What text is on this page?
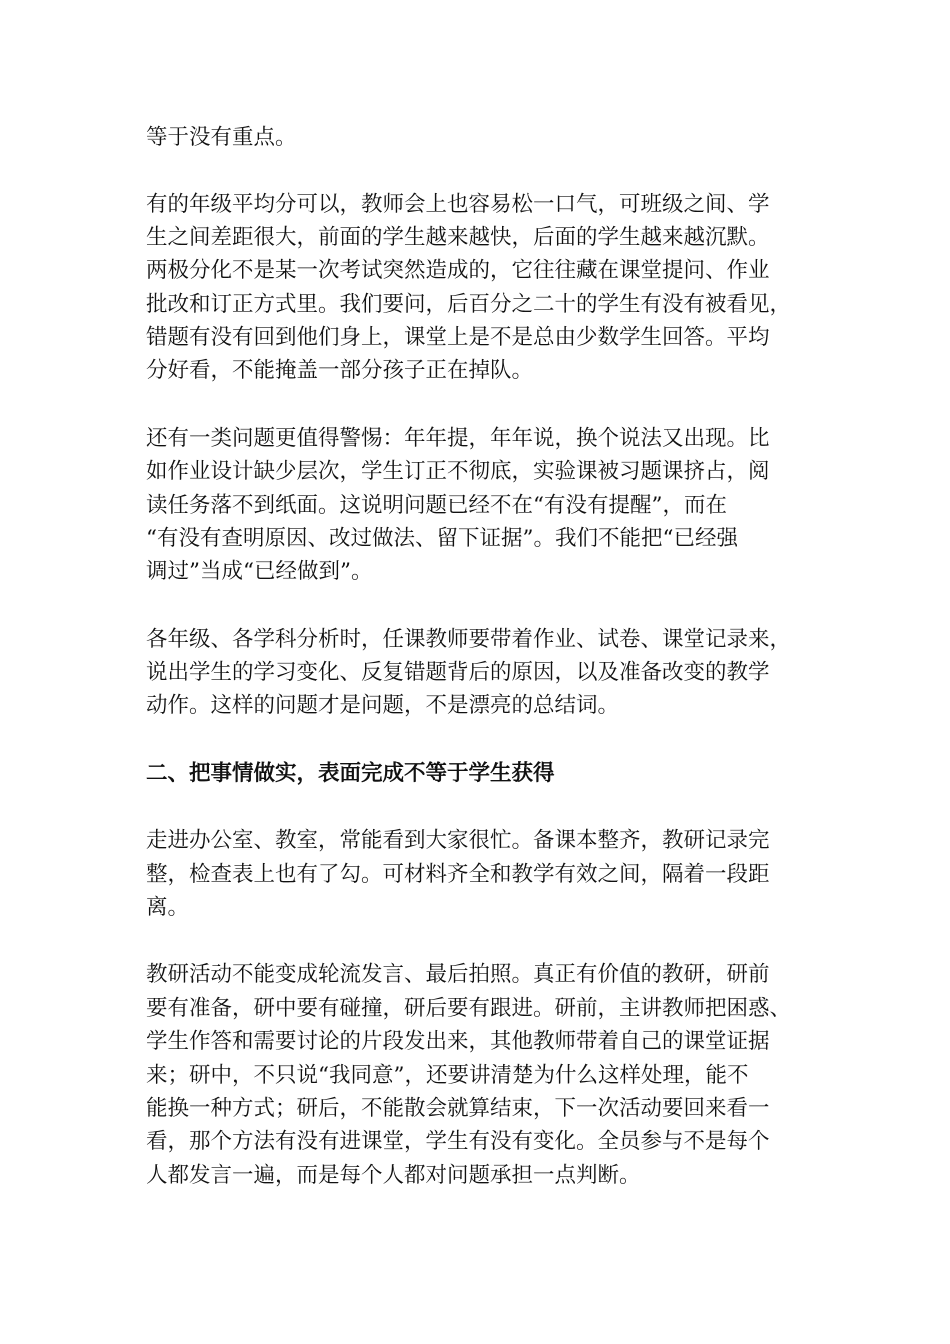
等于没有重点。

有的年级平均分可以，教师会上也容易松一口气，可班级之间、学

生之间差距很大，前面的学生越来越快，后面的学生越来越沉默。

两极分化不是某一次考试突然造成的，它往往藏在课堂提问、作业

批改和订正方式里。我们要问，后百分之二十的学生有没有被看见，

错题有没有回到他们身上，课堂上是不是总由少数学生回答。平均

分好看，不能掩盖一部分孩子正在掉队。

还有一类问题更值得警惕：年年提，年年说，换个说法又出现。比

如作业设计缺少层次，学生订正不彻底，实验课被习题课挤占，阅

读任务落不到纸面。这说明问题已经不在“有没有提醒”，而在

“有没有查明原因、改过做法、留下证据”。我们不能把“已经强

调过”当成“已经做到”。

各年级、各学科分析时，任课教师要带着作业、试卷、课堂记录来，

说出学生的学习变化、反复错题背后的原因，以及准备改变的教学

动作。这样的问题才是问题，不是漂亮的总结词。

二、把事情做实，表面完成不等于学生获得

走进办公室、教室，常能看到大家很忙。备课本整齐，教研记录完

整，检查表上也有了勾。可材料齐全和教学有效之间，隔着一段距

离。

教研活动不能变成轮流发言、最后拍照。真正有价值的教研，研前

要有准备，研中要有碰撞，研后要有跟进。研前，主讲教师把困惑、

学生作答和需要讨论的片段发出来，其他教师带着自己的课堂证据

来；研中，不只说“我同意”，还要讲清楚为什么这样处理，能不

能换一种方式；研后，不能散会就算结束，下一次活动要回来看一

看，那个方法有没有进课堂，学生有没有变化。全员参与不是每个

人都发言一遍，而是每个人都对问题承担一点判断。
